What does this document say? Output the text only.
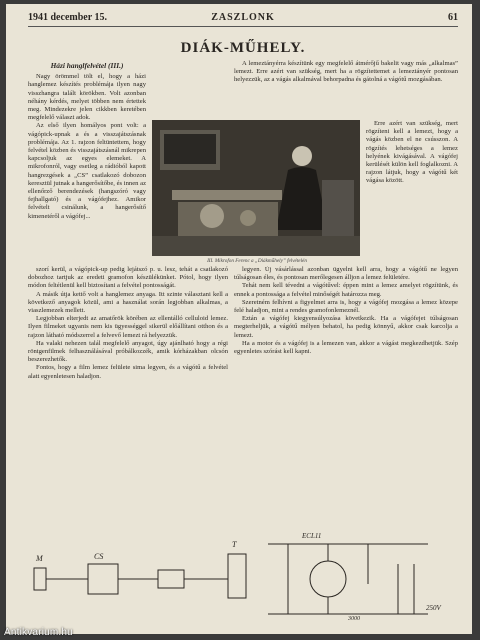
1941 december 15.	ZASZLONK	61
DIÁK-MŰHELY.

Házi hanglfelvétel (III.)

Nagy örömmel tölt el, hogy a házi hanglemez készítés problémája ilyen nagy visszhangra talált körökben. Volt azonban néhány kérdés, melyet többen nem értettek meg. Mindezekre jelen cikkben keretében megfelelő választ adok.

Az első ilyen homályos pont volt: a vágópick-upnak a és a visszajátszásnak problémája. Az 1. rajzon feltüntettem, hogy felvétel közben és visszajátszásnál mikrepen kapcsoljuk az egyes elemeket. A mikrofonról, vagy esetleg a rádióból kapott hangrezgések a „CS” csatlakozó dobozon keresztül jutnak a hangerősítőbe, és innen az ellenőrző berendezések (hangszóró vagy fejhallgató) és a vágófejhez. Amikor felvételt csinálunk, a hangerősítő kimenetéről a vágófej...

A lemeztányérra készítünk egy megfelelő átmérőjű bakelit vagy más „alkalmas” lemezt. Erre azért van szükség, mert ha a rögzítettemet a lemeztányér pontosan helyezzük, az a vágás alkalmával behorpadna és gátolná a vágótű mozgásában.

Erre azért van szükség, mert rögzíteni kell a lemezt, hogy a vágás közben el ne csússzon. A rögzítés lehetséges a lemez helyének kivágásával. A vágófej kerülését külön kell foglalkozni. A rajzon látjuk, hogy a vágótű két vágása között.

III. Mikrofon Ferenc a „Diákműhely” felvételén

szorí kerül, a vágópick-up pedig lejátszó p. u. lesz, tehát a csatlakozó dobozhoz tartjuk az eredeti gramofon készülékünket. Pótol, hogy ilyen módon feltétlenül kell biztosítani a felvétel pontosságát.

A másik útja kettő volt a hanglemez anyaga. Itt szinte választani kell a következő anyagok közül, ami a használat során legjobban alkalmas, a viaszlemezek mellett.

Legjobban elterjedt az amatőrök körében az ellentálló celluloid lemez. Ilyen filmeket ugyanis nem kis ügyességgel sikerül előállítani otthon és a rajzon látható módszerrel a felvevő lemezt rá helyezzük.

Ha valaki nehezen talál megfelelő anyagot, úgy ajánlható hogy a régi röntgenfilmek felhasználásával próbálkozzék, amik kórházakban olcsón beszerezhetők.

Fontos, hogy a film lemez felülete sima legyen, és a vágótű a felvétel alatt egyenletesen haladjon.

legyen. Új vásárlással azonban ügyelni kell arra, hogy a vágótű ne legyen túlságosan éles, és pontosan merőlegesen álljon a lemez felületére.

Tehát nem kell tévedni a vágótűvel: éppen mint a lemez amelyet rögzítünk, és ennek a pontossága a felvétel minőségét határozza meg.

Szeretném felhívni a figyelmet arra is, hogy a vágófej mozgása a lemez közepe felé haladjon, mint a rendes gramofonlemeznél.

Eztán a vágófej kiegyensúlyozása következik. Ha a vágófejet túlságosan megterheljük, a vágótű mélyen behatol, ha pedig könnyű, akkor csak karcolja a lemezt.

Ha a motor és a vágófej is a lemezen van, akkor a vágást megkezdhetjük. Szép egyenletes szórást kell kapni.

M	CS
ECL11
250V
3000
T
Antikvarium.hu
